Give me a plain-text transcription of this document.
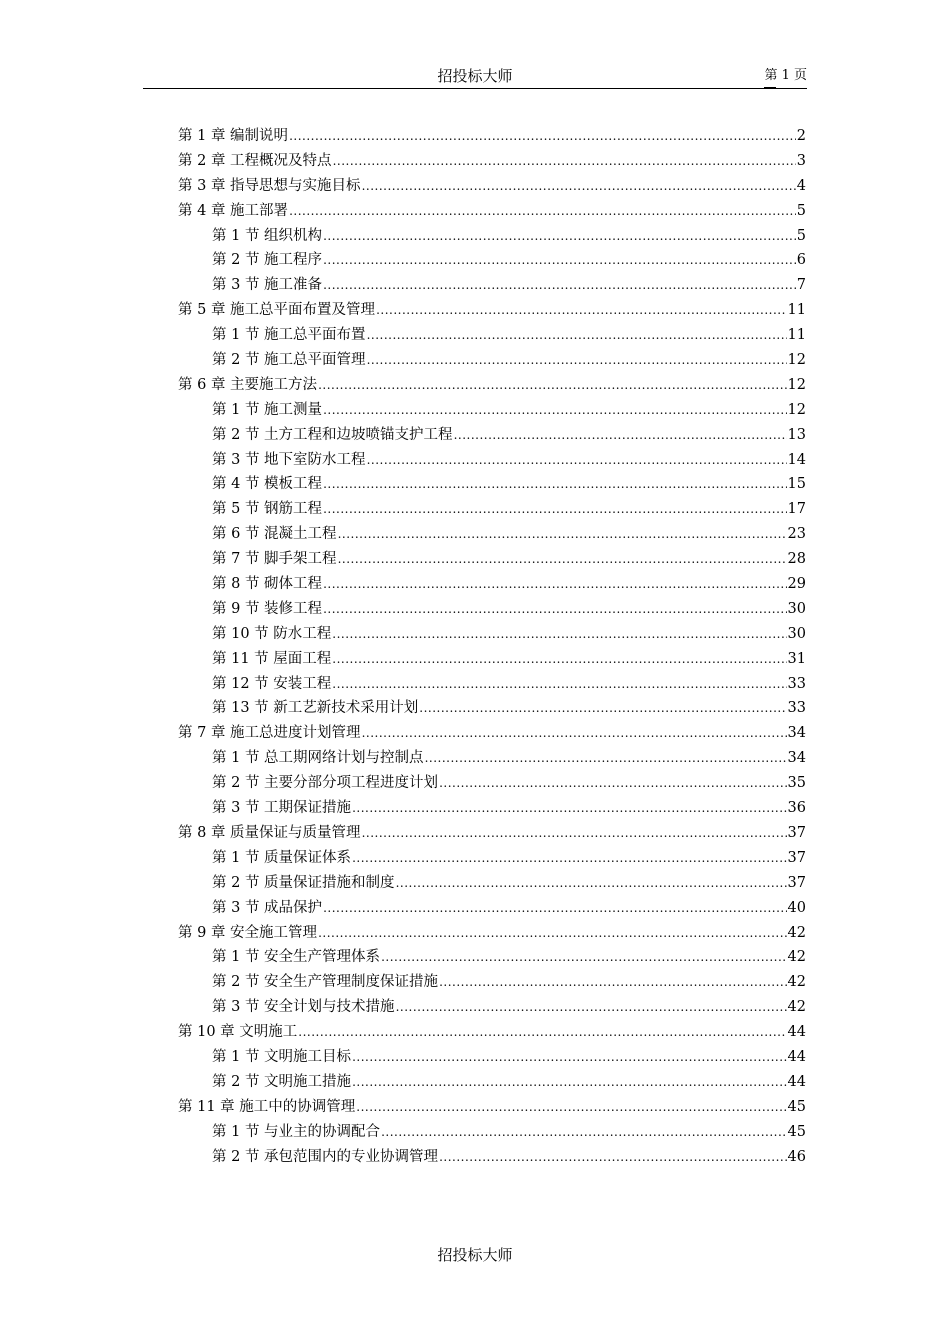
招投标大师	第 1 页
第 1 章 编制说明 .....	2
第 2 章 工程概况及特点 .....	3
第 3 章 指导思想与实施目标 .....	4
第 4 章 施工部署 .....	5
第 1 节 组织机构 .....	5
第 2 节 施工程序 .....	6
第 3 节 施工准备 .....	7
第 5 章 施工总平面布置及管理 .....	11
第 1 节 施工总平面布置 .....	11
第 2 节 施工总平面管理 .....	12
第 6 章 主要施工方法 .....	12
第 1 节 施工测量 .....	12
第 2 节 土方工程和边坡喷锚支护工程 .....	13
第 3 节 地下室防水工程 .....	14
第 4 节 模板工程 .....	15
第 5 节 钢筋工程 .....	17
第 6 节 混凝土工程 .....	23
第 7 节 脚手架工程 .....	28
第 8 节 砌体工程 .....	29
第 9 节 装修工程 .....	30
第 10 节 防水工程 .....	30
第 11 节 屋面工程 .....	31
第 12 节 安装工程 .....	33
第 13 节 新工艺新技术采用计划 .....	33
第 7 章 施工总进度计划管理 .....	34
第 1 节 总工期网络计划与控制点 .....	34
第 2 节 主要分部分项工程进度计划 .....	35
第 3 节 工期保证措施 .....	36
第 8 章 质量保证与质量管理 .....	37
第 1 节 质量保证体系 .....	37
第 2 节 质量保证措施和制度 .....	37
第 3 节 成品保护 .....	40
第 9 章 安全施工管理 .....	42
第 1 节 安全生产管理体系 .....	42
第 2 节 安全生产管理制度保证措施 .....	42
第 3 节 安全计划与技术措施 .....	42
第 10 章 文明施工 .....	44
第 1 节 文明施工目标 .....	44
第 2 节 文明施工措施 .....	44
第 11 章 施工中的协调管理 .....	45
第 1 节 与业主的协调配合 .....	45
第 2 节 承包范围内的专业协调管理 .....	46
招投标大师
